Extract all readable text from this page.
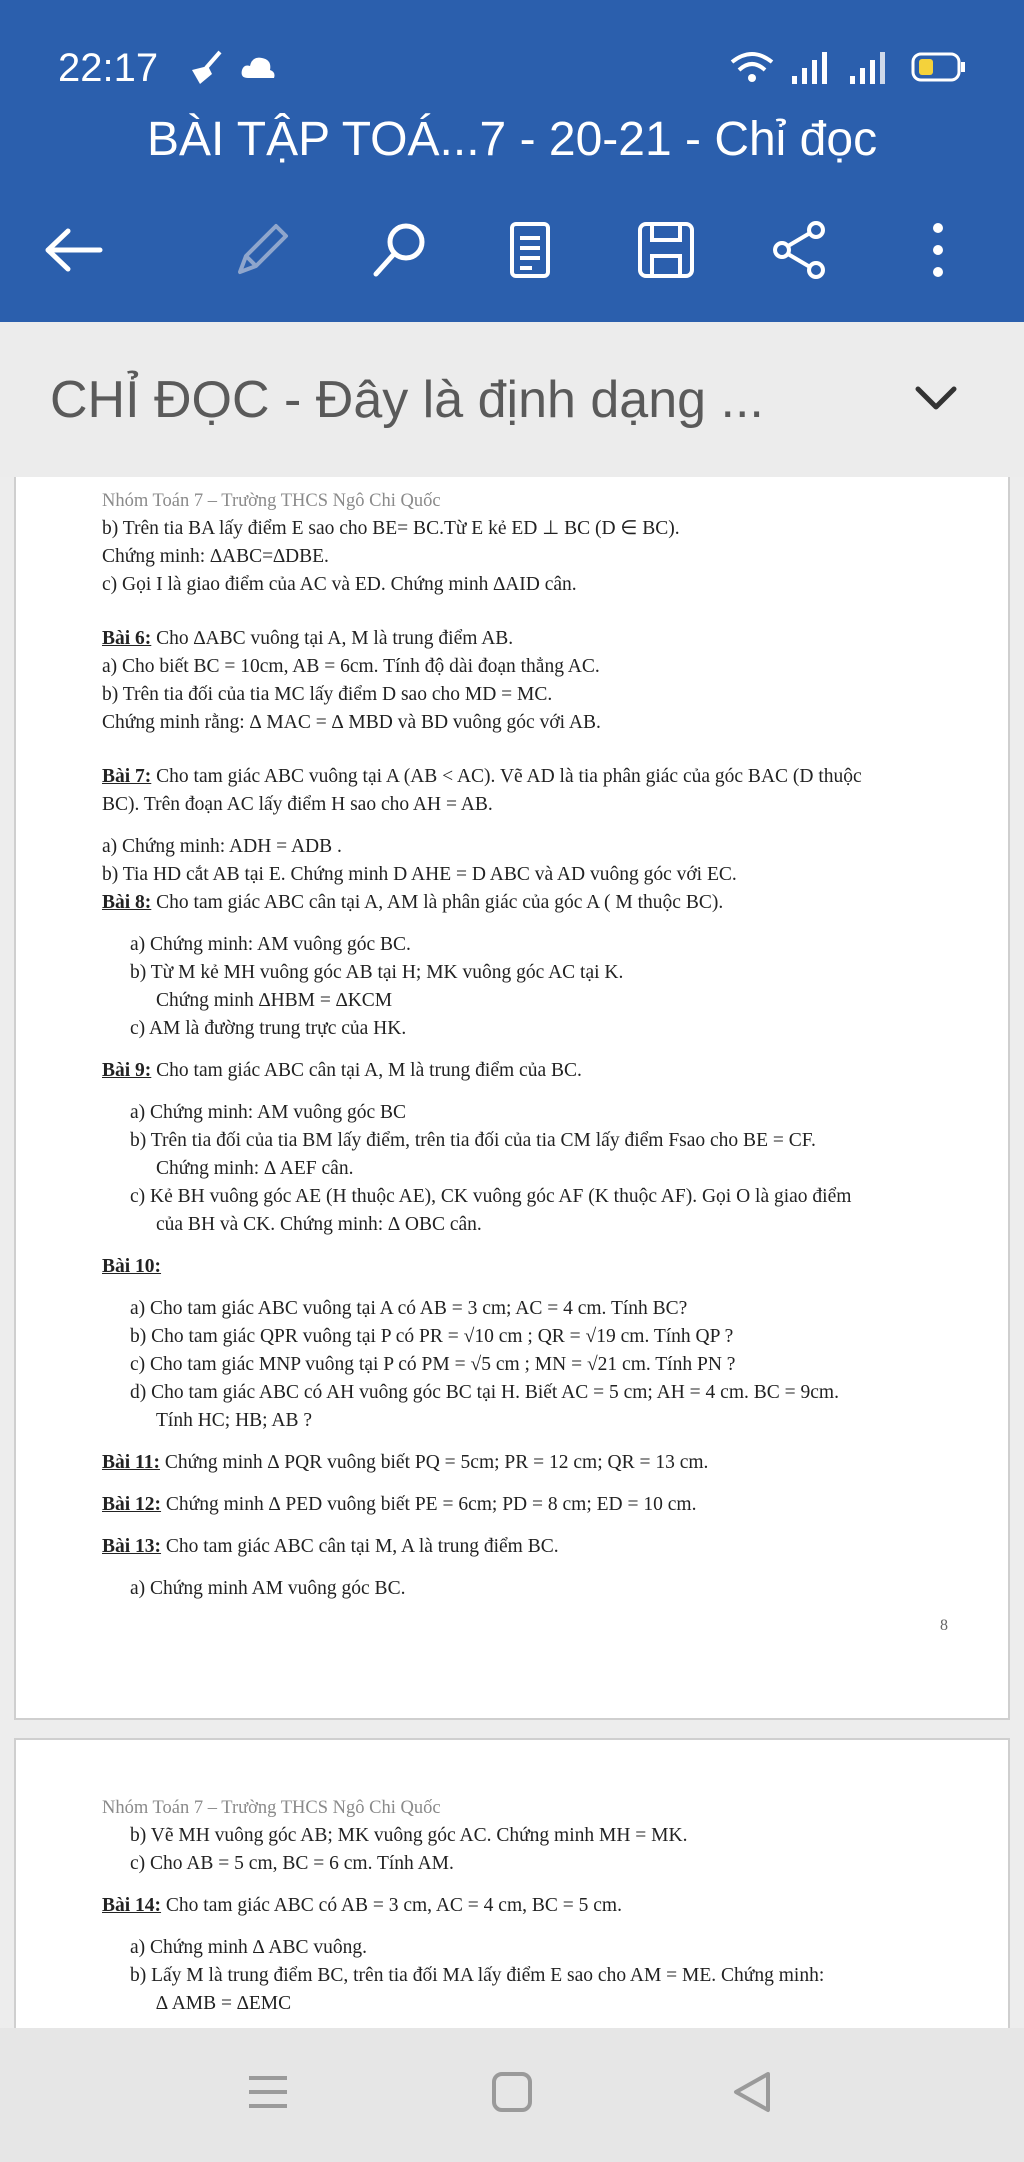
22:17
BÀI TẬP TOÁ...7 - 20-21 - Chỉ đọc
CHỈ ĐỌC - Đây là định dạng ...

Nhóm Toán 7 – Trường THCS Ngô Chi Quốc

b) Trên tia BA lấy điểm E sao cho BE= BC.Từ E kẻ ED ⊥ BC (D ∈ BC).

Chứng minh: ∆ABC=∆DBE.

c) Gọi I là giao điểm của AC và ED. Chứng minh ∆AID cân.

Bài 6: Cho ∆ABC vuông tại A, M là trung điểm AB.

a) Cho biết BC = 10cm, AB = 6cm. Tính độ dài đoạn thẳng AC.

b) Trên tia đối của tia MC lấy điểm D sao cho MD = MC.

Chứng minh rằng: ∆ MAC = ∆ MBD và BD vuông góc với AB.

Bài 7: Cho tam giác ABC vuông tại A (AB < AC). Vẽ AD là tia phân giác của góc BAC (D thuộc

BC). Trên đoạn AC lấy điểm H sao cho AH = AB.

a) Chứng minh: ADH = ADB .

b) Tia HD cắt AB tại E. Chứng minh D AHE = D ABC và AD vuông góc với EC.

Bài 8: Cho tam giác ABC cân tại A, AM là phân giác của góc A ( M thuộc BC).

a) Chứng minh: AM vuông góc BC.

b) Từ M kẻ MH vuông góc AB tại H; MK vuông góc AC tại K.

Chứng minh ∆HBM = ∆KCM

c) AM là đường trung trực của HK.

Bài 9: Cho tam giác ABC cân tại A, M là trung điểm của BC.

a) Chứng minh: AM vuông góc BC

b) Trên tia đối của tia BM lấy điểm, trên tia đối của tia CM lấy điểm Fsao cho BE = CF.

Chứng minh: ∆ AEF cân.

c) Kẻ BH vuông góc AE (H thuộc AE), CK vuông góc AF (K thuộc AF). Gọi O là giao điểm

của BH và CK. Chứng minh: ∆ OBC cân.

Bài 10:

a) Cho tam giác ABC vuông tại A có AB = 3 cm; AC = 4 cm. Tính BC?

b) Cho tam giác QPR vuông tại P có PR = √10 cm ; QR = √19 cm. Tính QP ?

c) Cho tam giác MNP vuông tại P có PM = √5 cm ; MN = √21 cm. Tính PN ?

d) Cho tam giác ABC có AH vuông góc BC tại H. Biết AC = 5 cm; AH = 4 cm. BC = 9cm.

Tính HC; HB; AB ?

Bài 11: Chứng minh ∆ PQR vuông biết PQ = 5cm; PR = 12 cm; QR = 13 cm.

Bài 12: Chứng minh ∆ PED vuông biết PE = 6cm; PD = 8 cm; ED = 10 cm.

Bài 13: Cho tam giác ABC cân tại M, A là trung điểm BC.

a) Chứng minh AM vuông góc BC.

8

Nhóm Toán 7 – Trường THCS Ngô Chi Quốc

b) Vẽ MH vuông góc AB; MK vuông góc AC. Chứng minh MH = MK.

c) Cho AB = 5 cm, BC = 6 cm. Tính AM.

Bài 14: Cho tam giác ABC có AB = 3 cm, AC = 4 cm, BC = 5 cm.

a) Chứng minh ∆ ABC vuông.

b) Lấy M là trung điểm BC, trên tia đối MA lấy điểm E sao cho AM = ME. Chứng minh:

∆ AMB = ∆EMC
